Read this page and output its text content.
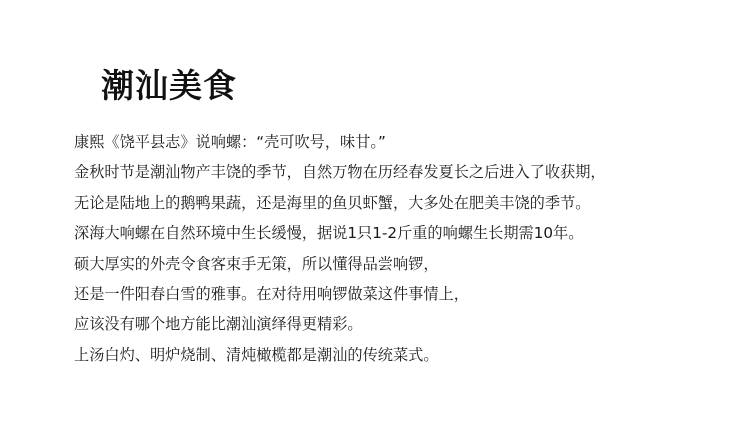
潮汕美食
康熙《饶平县志》说响螺：“壳可吹号，味甘。”
金秋时节是潮汕物产丰饶的季节，自然万物在历经春发夏长之后进入了收获期，
无论是陆地上的鹅鸭果蔬，还是海里的鱼贝虾蟹，大多处在肥美丰饶的季节。
深海大响螺在自然环境中生长缓慢，据说1只1-2斤重的响螺生长期需10年。
硕大厚实的外壳令食客束手无策，所以懂得品尝响锣，
还是一件阳春白雪的雅事。在对待用响锣做菜这件事情上，
应该没有哪个地方能比潮汕演绎得更精彩。
上汤白灼、明炉烧制、清炖橄榄都是潮汕的传统菜式。
